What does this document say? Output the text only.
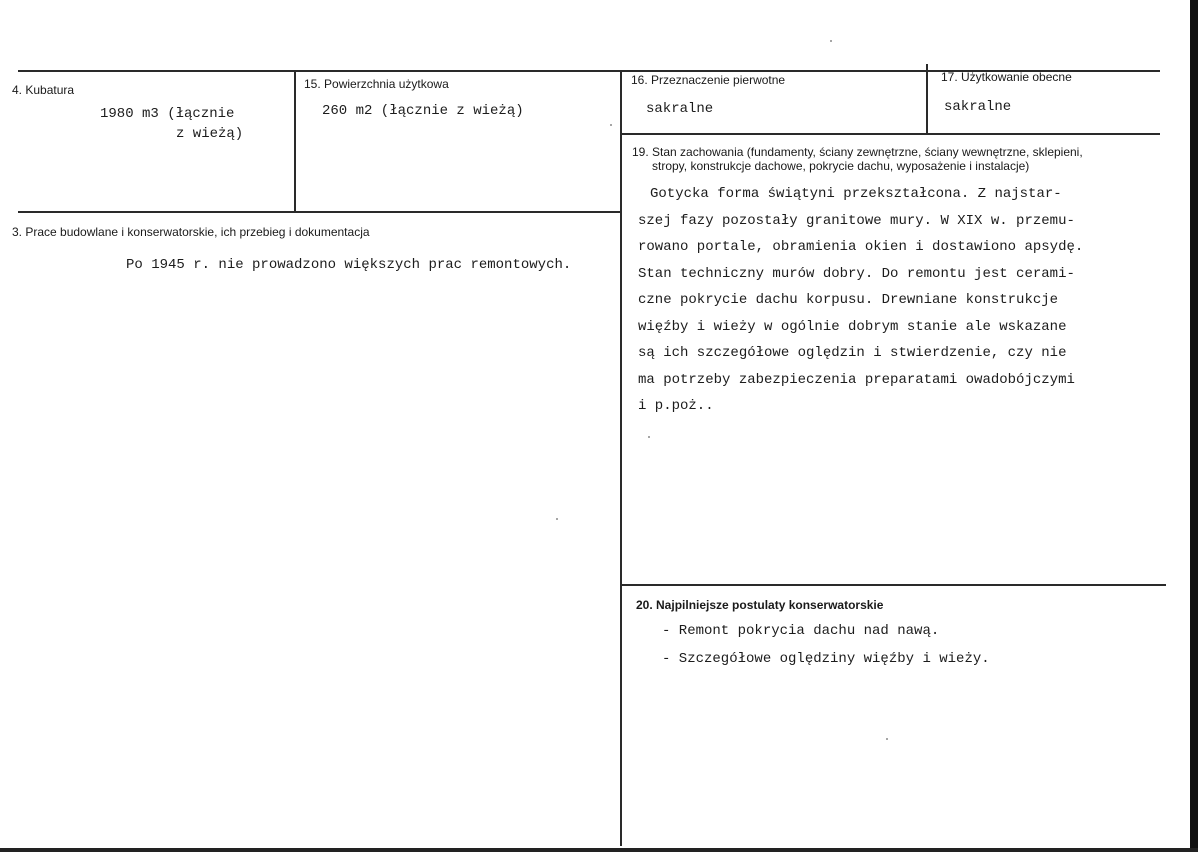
4. Kubatura
1980 m3 (łącznie
z wieżą)
15. Powierzchnia użytkowa
260 m2 (łącznie z wieżą)
16. Przeznaczenie pierwotne
sakralne
17. Użytkowanie obecne
sakralne
3. Prace budowlane i konserwatorskie, ich przebieg i dokumentacja
Po 1945 r. nie prowadzono większych prac remontowych.
19. Stan zachowania (fundamenty, ściany zewnętrzne, ściany wewnętrzne, sklepieni,
stropy, konstrukcje dachowe, pokrycie dachu, wyposażenie i instalacje)
Gotycka forma świątyni przekształcona. Z najstar-
szej fazy pozostały granitowe mury. W XIX w. przemu-
rowano portale, obramienia okien i dostawiono apsydę.
Stan techniczny murów dobry. Do remontu jest cerami-
czne pokrycie dachu korpusu. Drewniane konstrukcje
więźby i wieży w ogólnie dobrym stanie ale wskazane
są ich szczegółowe oględzin i stwierdzenie, czy nie
ma potrzeby zabezpieczenia preparatami owadobójczymi
i p.poż..
20. Najpilniejsze postulaty konserwatorskie
- Remont pokrycia dachu nad nawą.
- Szczegółowe oględziny więźby i wieży.
